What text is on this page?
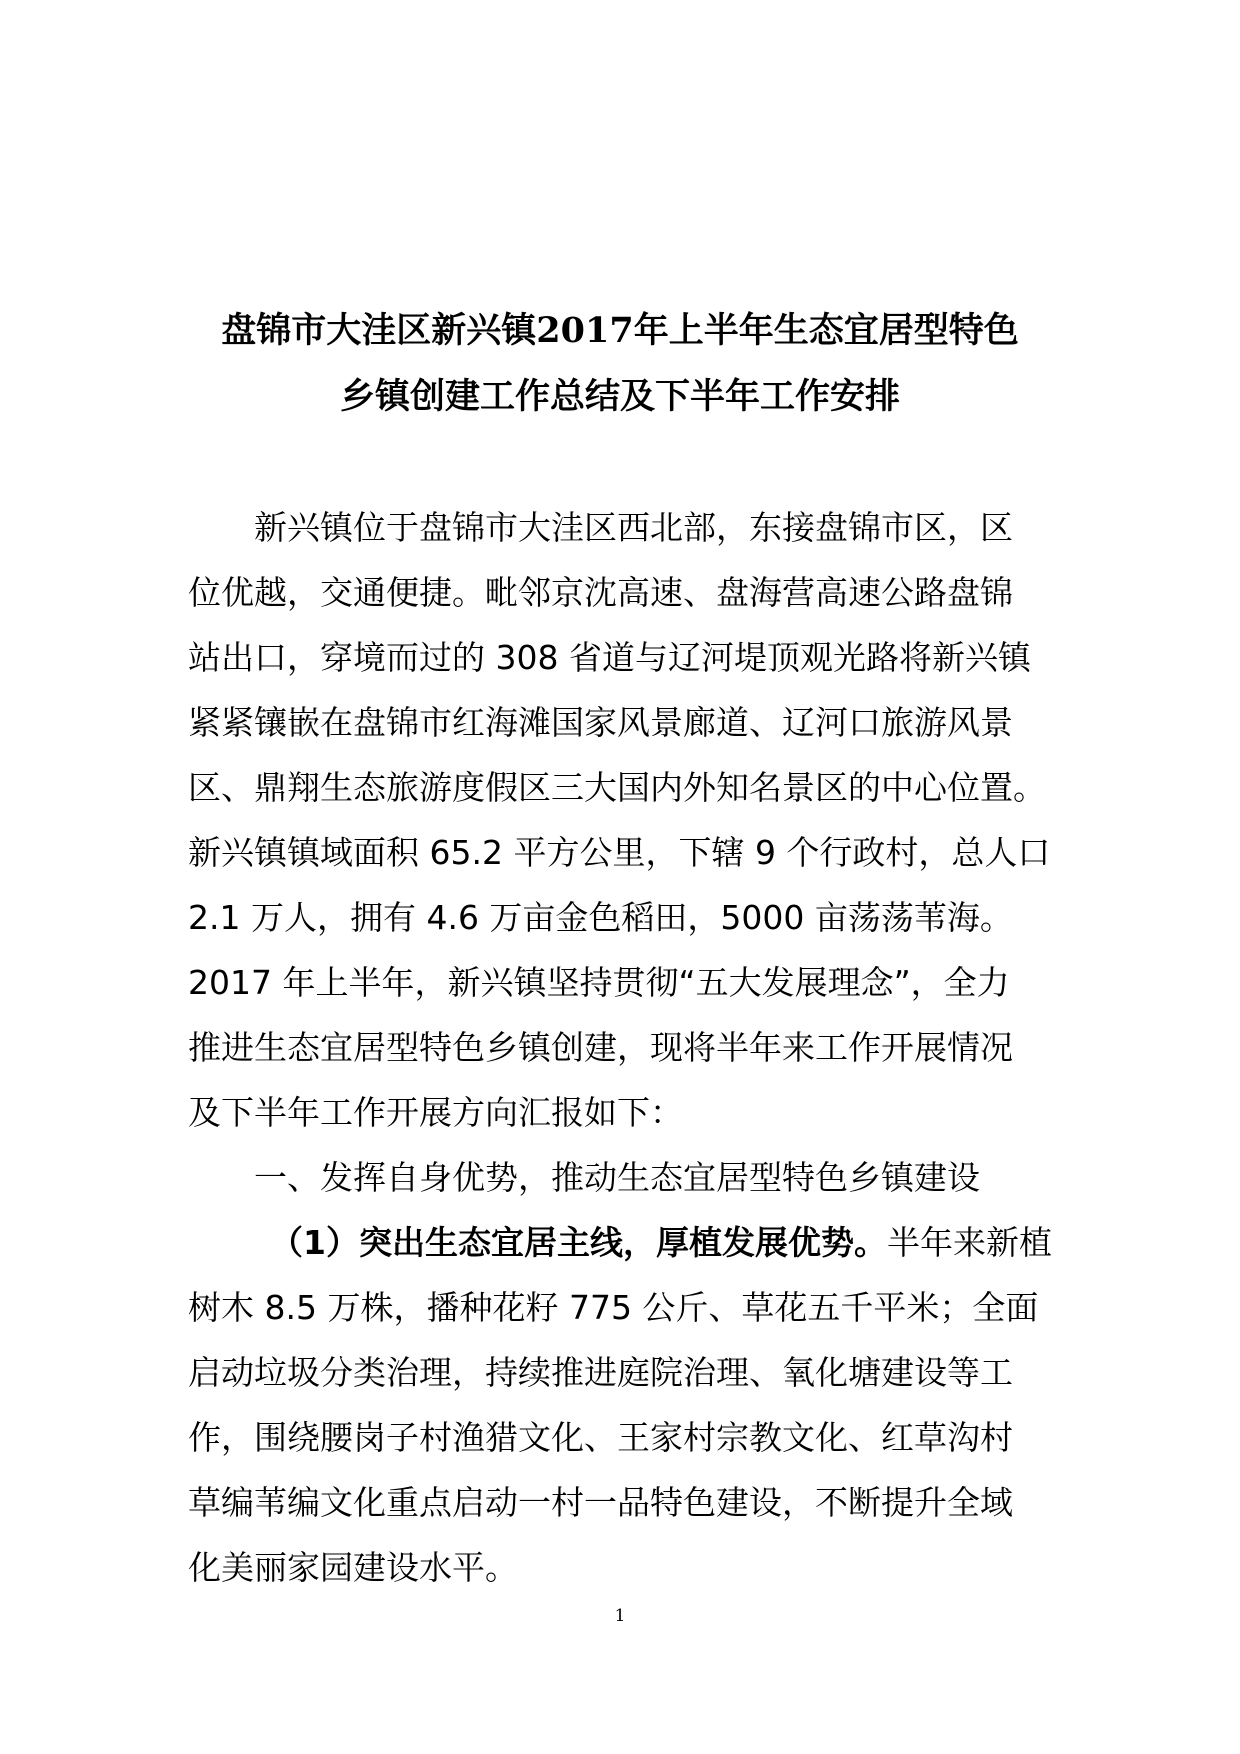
盘锦市大洼区新兴镇2017年上半年生态宜居型特色
乡镇创建工作总结及下半年工作安排
新兴镇位于盘锦市大洼区西北部，东接盘锦市区，区
位优越，交通便捷。毗邻京沈高速、盘海营高速公路盘锦
站出口，穿境而过的 308 省道与辽河堤顶观光路将新兴镇
紧紧镶嵌在盘锦市红海滩国家风景廊道、辽河口旅游风景
区、鼎翔生态旅游度假区三大国内外知名景区的中心位置。
新兴镇镇域面积 65.2 平方公里，下辖 9 个行政村，总人口
2.1 万人，拥有 4.6 万亩金色稻田，5000 亩荡荡苇海。
2017 年上半年，新兴镇坚持贯彻“五大发展理念”，全力
推进生态宜居型特色乡镇创建，现将半年来工作开展情况
及下半年工作开展方向汇报如下：
一、发挥自身优势，推动生态宜居型特色乡镇建设
（1）突出生态宜居主线，厚植发展优势。半年来新植
树木 8.5 万株，播种花籽 775 公斤、草花五千平米；全面
启动垃圾分类治理，持续推进庭院治理、氧化塘建设等工
作，围绕腰岗子村渔猎文化、王家村宗教文化、红草沟村
草编苇编文化重点启动一村一品特色建设，不断提升全域
化美丽家园建设水平。
1
